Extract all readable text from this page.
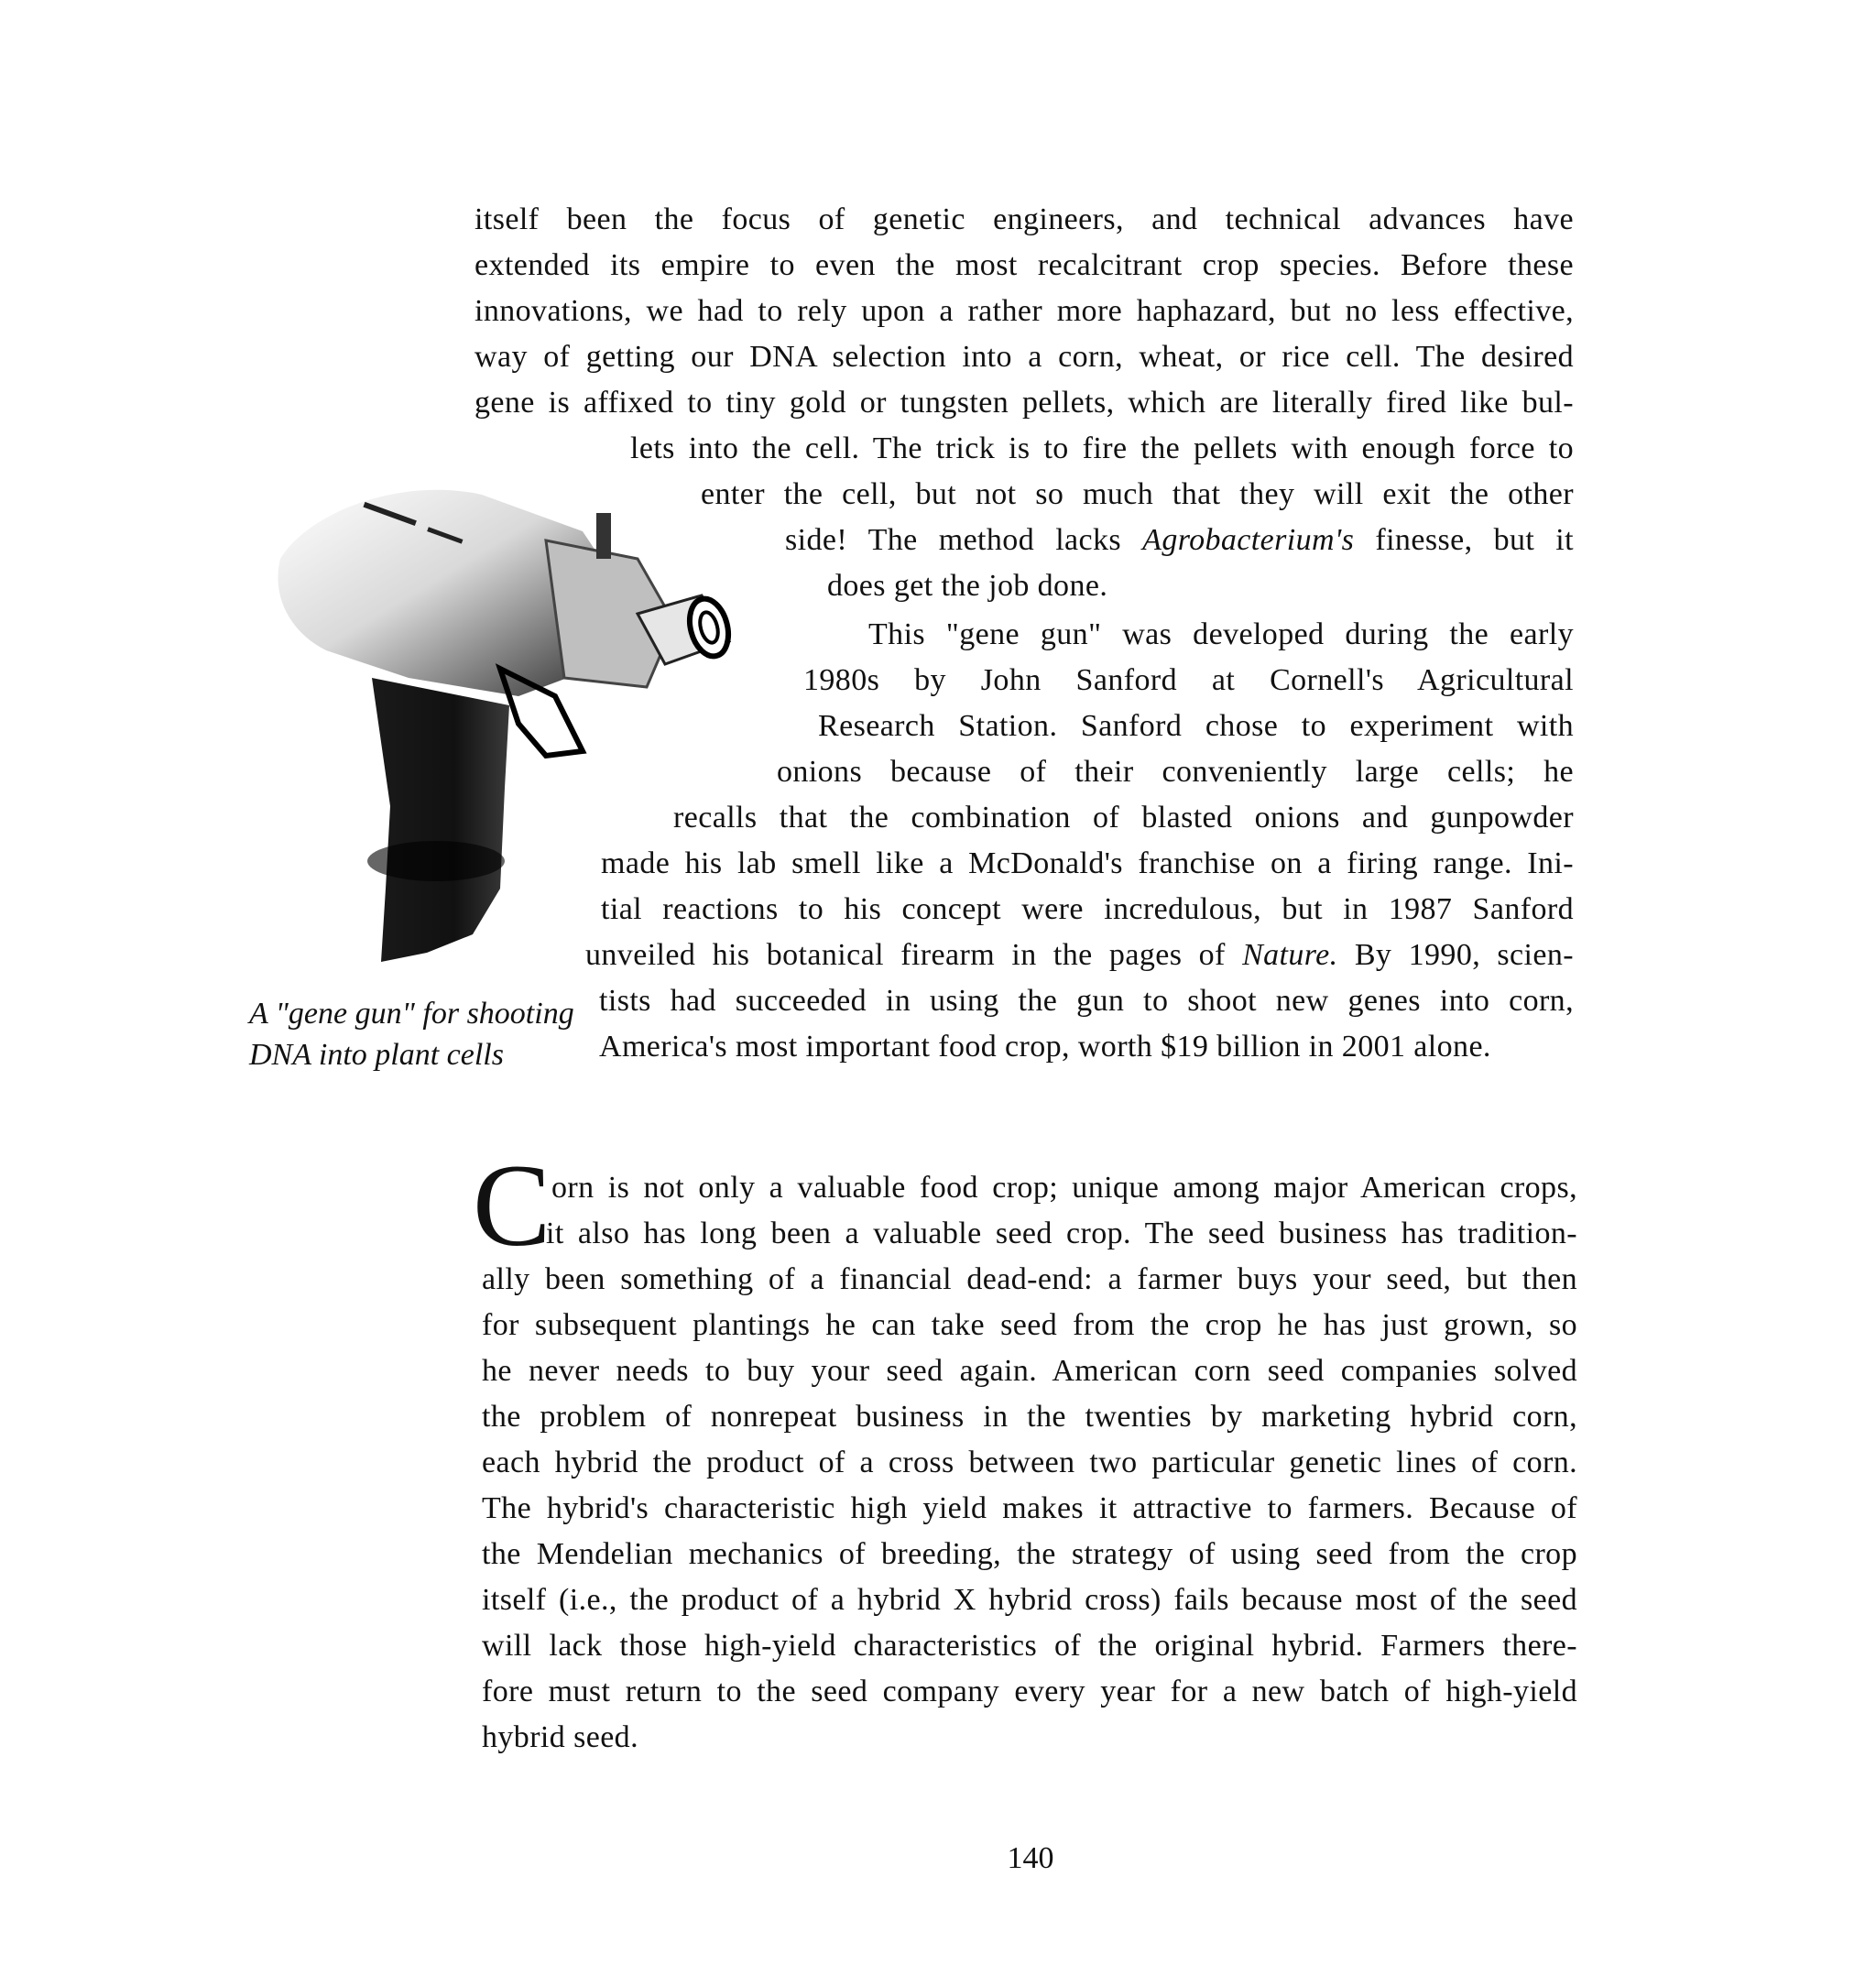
itself been the focus of genetic engineers, and technical advances have
extended its empire to even the most recalcitrant crop species. Before these
innovations, we had to rely upon a rather more haphazard, but no less effective,
way of getting our DNA selection into a corn, wheat, or rice cell. The desired
gene is affixed to tiny gold or tungsten pellets, which are literally fired like bul-
lets into the cell. The trick is to fire the pellets with enough force to
enter the cell, but not so much that they will exit the other
side! The method lacks Agrobacterium's finesse, but it
does get the job done.
This "gene gun" was developed during the early
1980s by John Sanford at Cornell's Agricultural
Research Station. Sanford chose to experiment with
onions because of their conveniently large cells; he
recalls that the combination of blasted onions and gunpowder
made his lab smell like a McDonald's franchise on a firing range. Ini-
tial reactions to his concept were incredulous, but in 1987 Sanford
unveiled his botanical firearm in the pages of Nature. By 1990, scien-
tists had succeeded in using the gun to shoot new genes into corn,
America's most important food crop, worth $19 billion in 2001 alone.
A "gene gun" for shooting
DNA into plant cells
C orn is not only a valuable food crop; unique among major American crops,
it also has long been a valuable seed crop. The seed business has tradition-
ally been something of a financial dead-end: a farmer buys your seed, but then
for subsequent plantings he can take seed from the crop he has just grown, so
he never needs to buy your seed again. American corn seed companies solved
the problem of nonrepeat business in the twenties by marketing hybrid corn,
each hybrid the product of a cross between two particular genetic lines of corn.
The hybrid's characteristic high yield makes it attractive to farmers. Because of
the Mendelian mechanics of breeding, the strategy of using seed from the crop
itself (i.e., the product of a hybrid X hybrid cross) fails because most of the seed
will lack those high-yield characteristics of the original hybrid. Farmers there-
fore must return to the seed company every year for a new batch of high-yield
hybrid seed.
140
